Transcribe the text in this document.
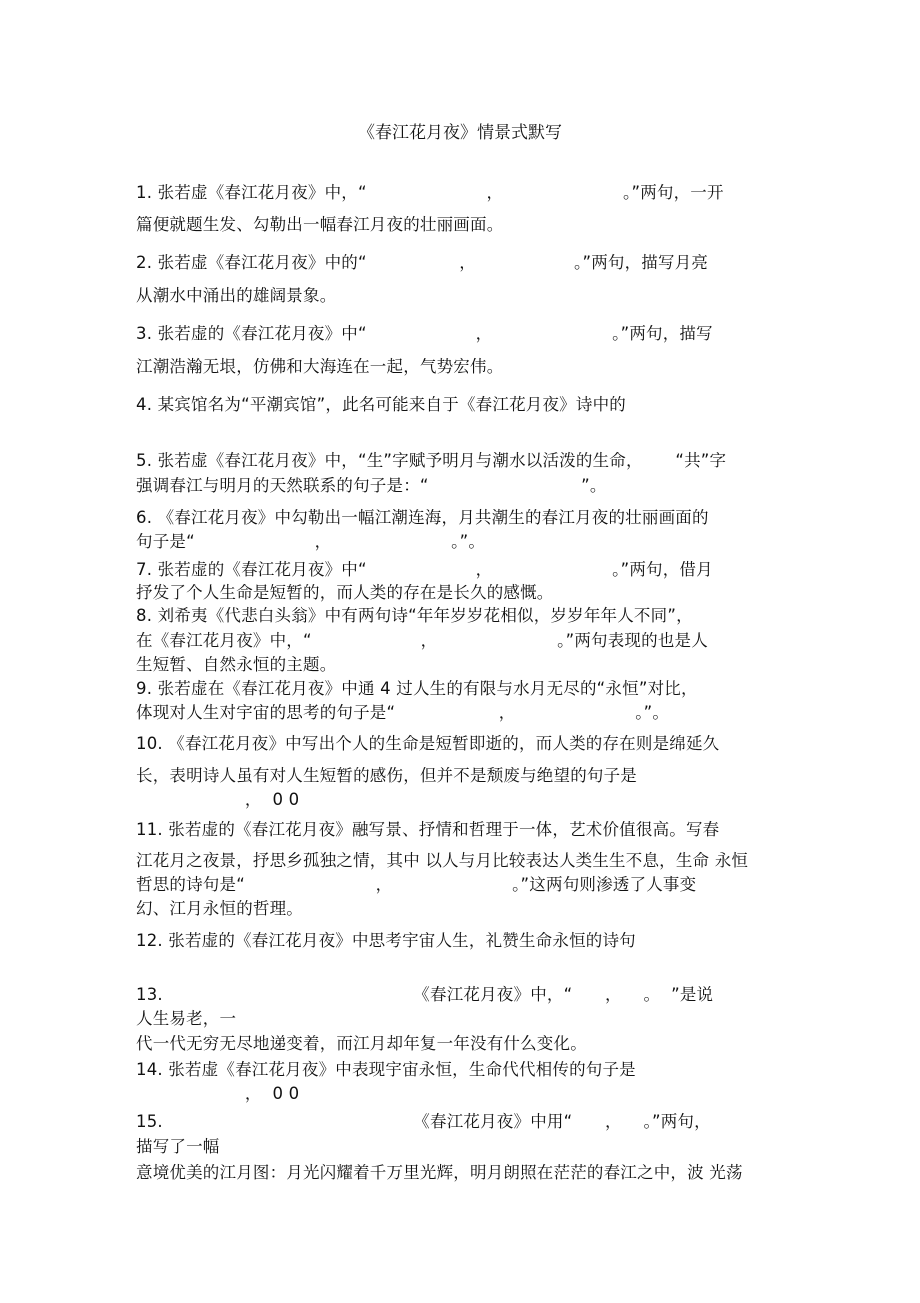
《春江花月夜》情景式默写
1. 张若虚《春江花月夜》中，“                      ，                      。”两句，一开
篇便就题生发、勾勒出一幅春江月夜的壮丽画面。
2. 张若虚《春江花月夜》中的“                 ，                  。”两句，描写月亮
从潮水中涌出的雄阔景象。
3. 张若虚的《春江花月夜》中“                    ，                      。”两句，描写
江潮浩瀚无垠，仿佛和大海连在一起，气势宏伟。
4. 某宾馆名为“平潮宾馆”，此名可能来自于《春江花月夜》诗中的
5. 张若虚《春江花月夜》中，“生”字赋予明月与潮水以活泼的生命，      “共”字
强调春江与明月的天然联系的句子是：“                            ”。
6. 《春江花月夜》中勾勒出一幅江潮连海，月共潮生的春江月夜的壮丽画面的
句子是“                      ，                      。”。
7. 张若虚的《春江花月夜》中“                    ，                      。”两句，借月
抒发了个人生命是短暂的，而人类的存在是长久的感慨。
8. 刘希夷《代悲白头翁》中有两句诗“年年岁岁花相似，岁岁年年人不同”，
在《春江花月夜》中，“                    ，                      。”两句表现的也是人
生短暂、自然永恒的主题。
9. 张若虚在《春江花月夜》中通 4 过人生的有限与水月无尽的“永恒”对比，
体现对人生对宇宙的思考的句子是“                   ，                      。”。
10. 《春江花月夜》中写出个人的生命是短暂即逝的，而人类的存在则是绵延久
长，表明诗人虽有对人生短暂的感伤，但并不是颓废与绝望的句子是
，  0 0
11. 张若虚的《春江花月夜》融写景、抒情和哲理于一体，艺术价值很高。写春
江花月之夜景，抒思乡孤独之情，其中 以人与月比较表达人类生生不息，生命 永恒
哲思的诗句是“                        ，                      。”这两句则渗透了人事变
幻、江月永恒的哲理。
12. 张若虚的《春江花月夜》中思考宇宙人生，礼赞生命永恒的诗句
13.                                              《春江花月夜》中，“      ，    。  ”是说
人生易老，一
代一代无穷无尽地递变着，而江月却年复一年没有什么变化。
14. 张若虚《春江花月夜》中表现宇宙永恒，生命代代相传的句子是
，  0 0
15.                                              《春江花月夜》中用“      ，    。”两句，
描写了一幅
意境优美的江月图：月光闪耀着千万里光辉，明月朗照在茫茫的春江之中，波 光荡
